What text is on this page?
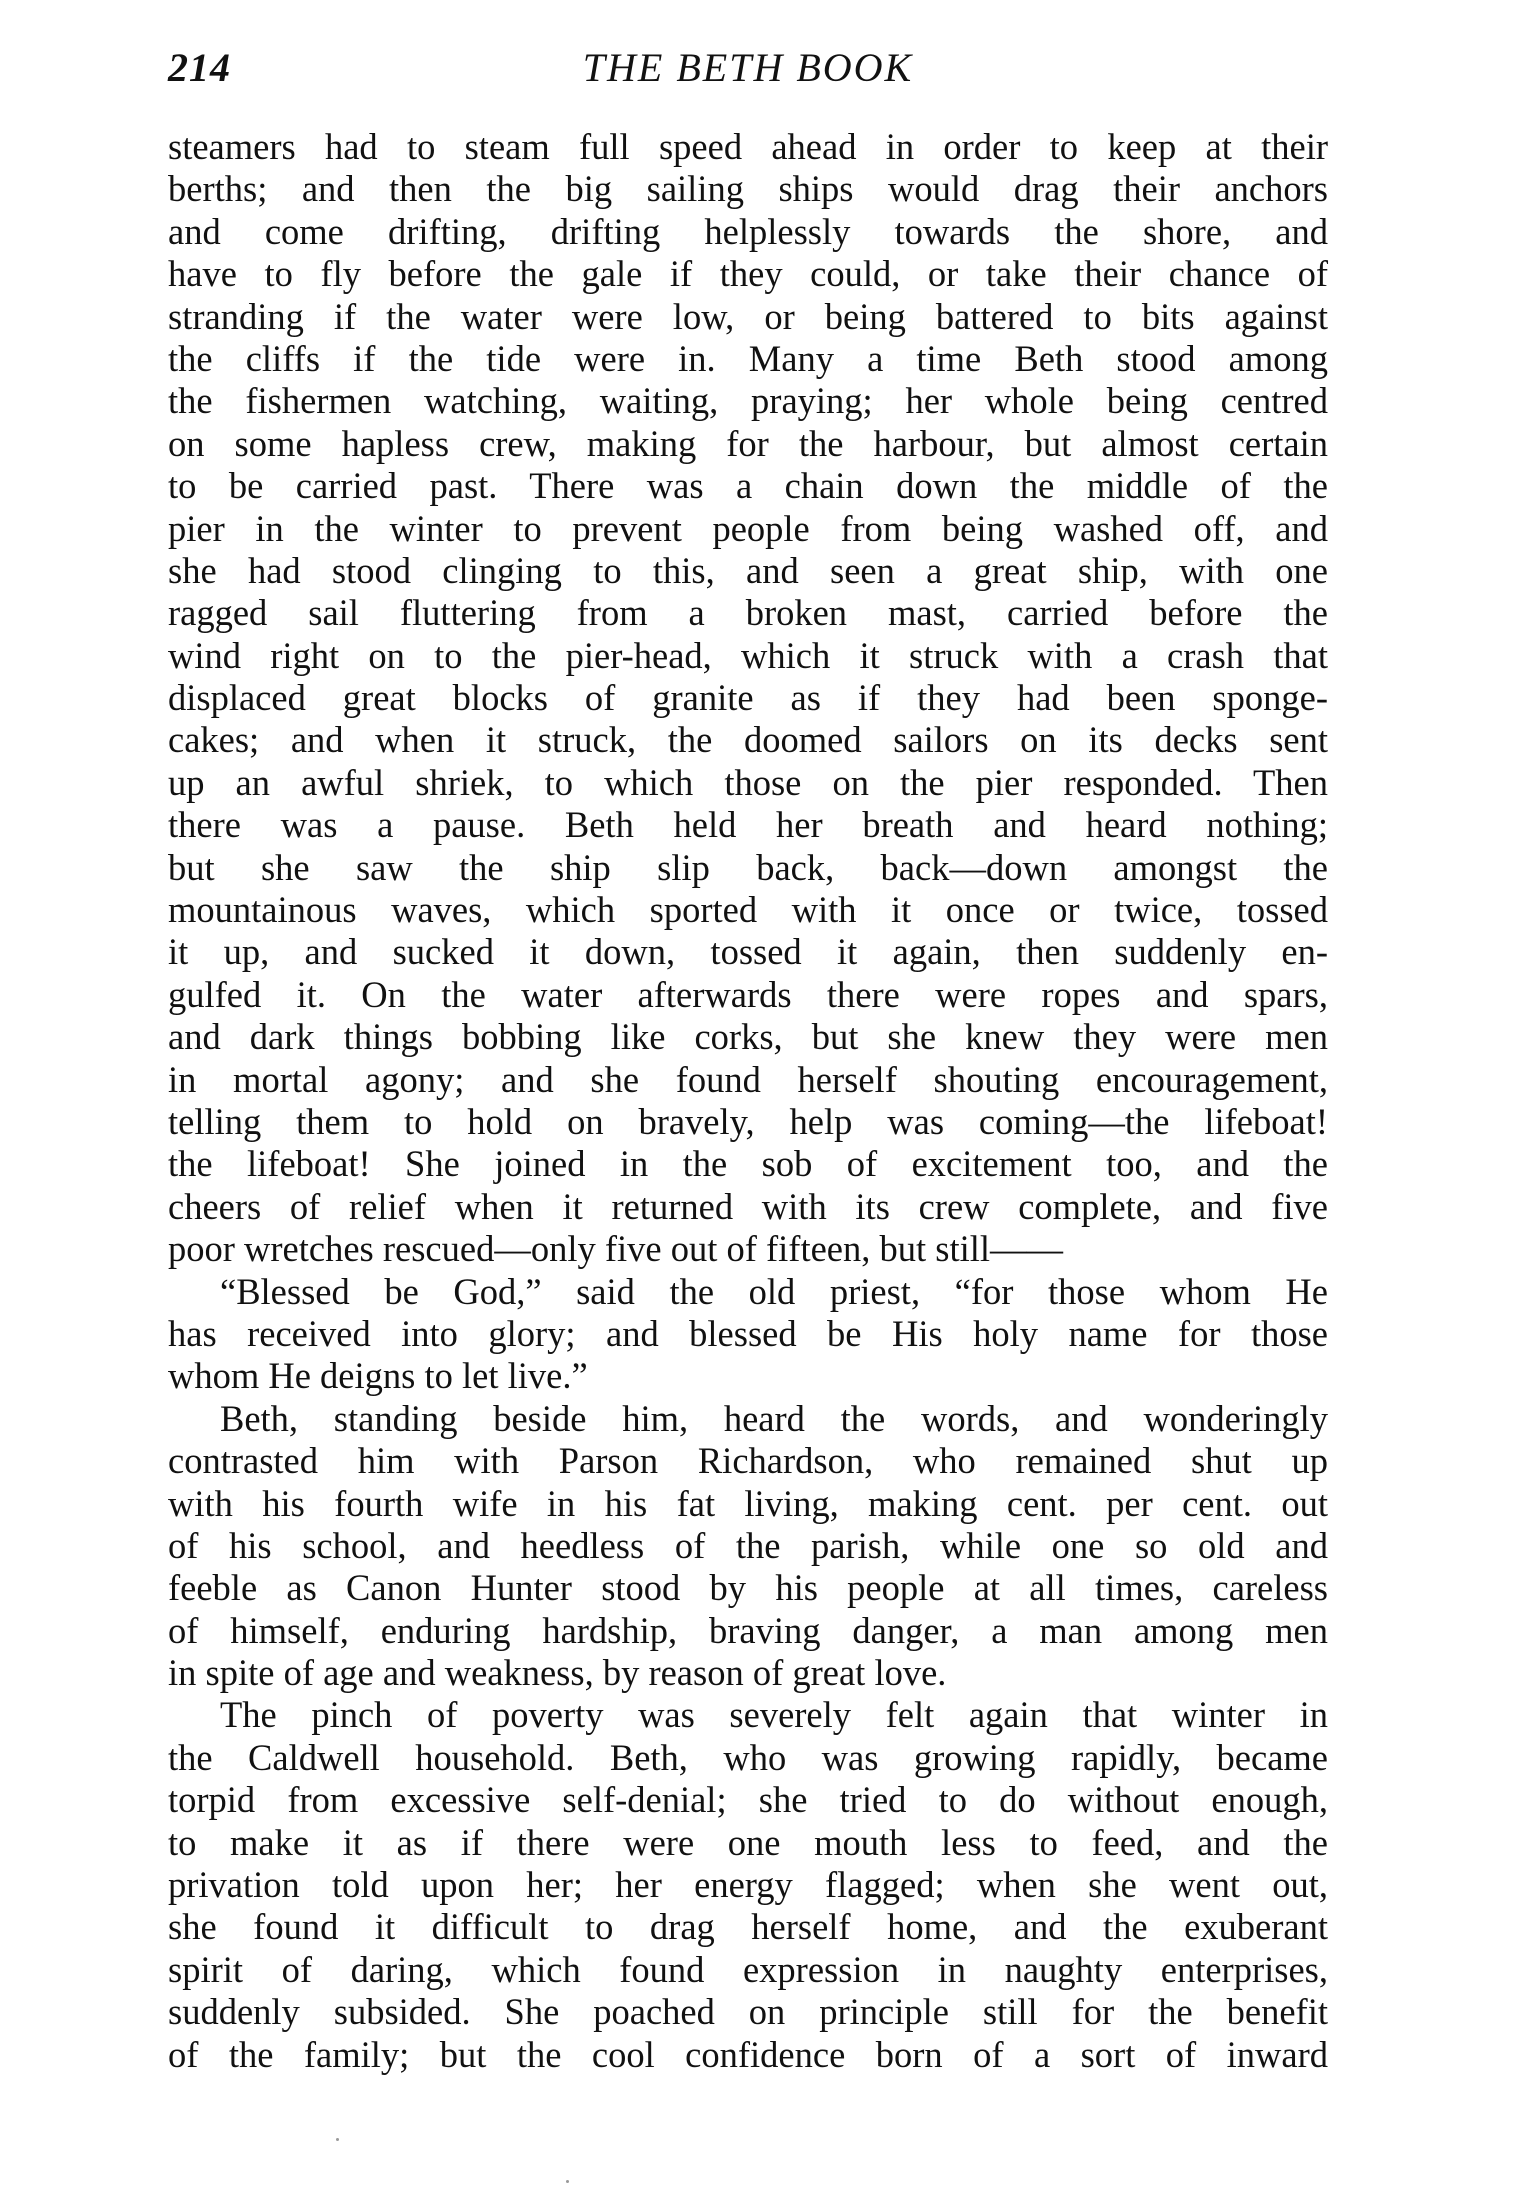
214	THE BETH BOOK
steamers had to steam full speed ahead in order to keep at their
berths; and then the big sailing ships would drag their anchors
and come drifting, drifting helplessly towards the shore, and
have to fly before the gale if they could, or take their chance of
stranding if the water were low, or being battered to bits against
the cliffs if the tide were in. Many a time Beth stood among
the fishermen watching, waiting, praying; her whole being centred
on some hapless crew, making for the harbour, but almost certain
to be carried past. There was a chain down the middle of the
pier in the winter to prevent people from being washed off, and
she had stood clinging to this, and seen a great ship, with one
ragged sail fluttering from a broken mast, carried before the
wind right on to the pier-head, which it struck with a crash that
displaced great blocks of granite as if they had been sponge-
cakes; and when it struck, the doomed sailors on its decks sent
up an awful shriek, to which those on the pier responded. Then
there was a pause. Beth held her breath and heard nothing;
but she saw the ship slip back, back—down amongst the
mountainous waves, which sported with it once or twice, tossed
it up, and sucked it down, tossed it again, then suddenly en-
gulfed it. On the water afterwards there were ropes and spars,
and dark things bobbing like corks, but she knew they were men
in mortal agony; and she found herself shouting encouragement,
telling them to hold on bravely, help was coming—the lifeboat!
the lifeboat! She joined in the sob of excitement too, and the
cheers of relief when it returned with its crew complete, and five
poor wretches rescued—only five out of fifteen, but still——
“Blessed be God,” said the old priest, “for those whom He
has received into glory; and blessed be His holy name for those
whom He deigns to let live.”
Beth, standing beside him, heard the words, and wonderingly
contrasted him with Parson Richardson, who remained shut up
with his fourth wife in his fat living, making cent. per cent. out
of his school, and heedless of the parish, while one so old and
feeble as Canon Hunter stood by his people at all times, careless
of himself, enduring hardship, braving danger, a man among men
in spite of age and weakness, by reason of great love.
The pinch of poverty was severely felt again that winter in
the Caldwell household. Beth, who was growing rapidly, became
torpid from excessive self-denial; she tried to do without enough,
to make it as if there were one mouth less to feed, and the
privation told upon her; her energy flagged; when she went out,
she found it difficult to drag herself home, and the exuberant
spirit of daring, which found expression in naughty enterprises,
suddenly subsided. She poached on principle still for the benefit
of the family; but the cool confidence born of a sort of inward
